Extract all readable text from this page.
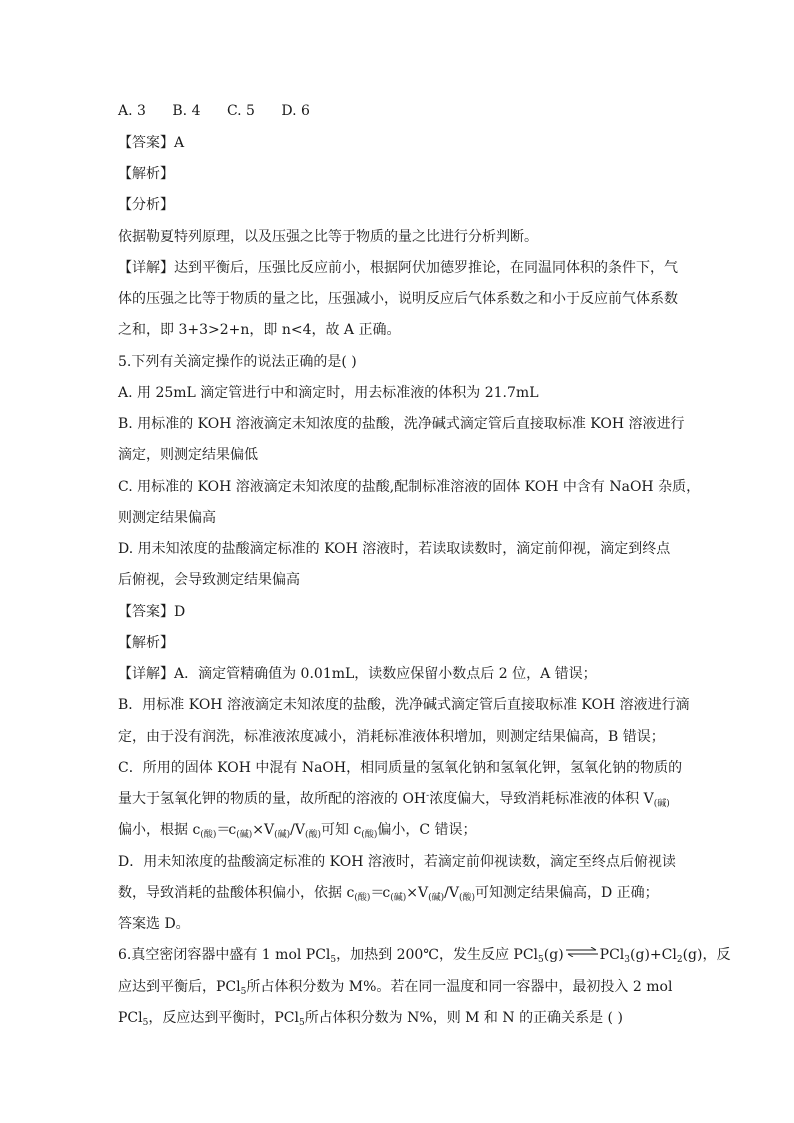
A. 3 B. 4 C. 5 D. 6
【答案】A
【解析】
【分析】
依据勒夏特列原理，以及压强之比等于物质的量之比进行分析判断。
【详解】达到平衡后，压强比反应前小，根据阿伏加德罗推论，在同温同体积的条件下，气
体的压强之比等于物质的量之比，压强减小，说明反应后气体系数之和小于反应前气体系数
之和，即 3+3>2+n，即 n<4，故 A 正确。
5.下列有关滴定操作的说法正确的是( )
A. 用 25mL 滴定管进行中和滴定时，用去标准液的体积为 21.7mL
B. 用标准的 KOH 溶液滴定未知浓度的盐酸，洗净碱式滴定管后直接取标准 KOH 溶液进行
滴定，则测定结果偏低
C. 用标准的 KOH 溶液滴定未知浓度的盐酸,配制标准溶液的固体 KOH 中含有 NaOH 杂质，
则测定结果偏高
D. 用未知浓度的盐酸滴定标准的 KOH 溶液时，若读取读数时，滴定前仰视，滴定到终点
后俯视，会导致测定结果偏高
【答案】D
【解析】
【详解】A．滴定管精确值为 0.01mL，读数应保留小数点后 2 位，A 错误；
B．用标准 KOH 溶液滴定未知浓度的盐酸，洗净碱式滴定管后直接取标准 KOH 溶液进行滴
定，由于没有润洗，标准液浓度减小，消耗标准液体积增加，则测定结果偏高，B 错误；
C．所用的固体 KOH 中混有 NaOH，相同质量的氢氧化钠和氢氧化钾，氢氧化钠的物质的
量大于氢氧化钾的物质的量，故所配的溶液的 OH-浓度偏大，导致消耗标准液的体积 $V_{(碱)}$
偏小，根据 $c_{(酸)}=c_{(碱)}\times V_{(碱)}/V_{(酸)}$可知 $c_{(酸)}$偏小，C 错误；
D．用未知浓度的盐酸滴定标准的 KOH 溶液时，若滴定前仰视读数，滴定至终点后俯视读
数，导致消耗的盐酸体积偏小，依据 $c_{(酸)}=c_{(碱)}\times V_{(碱)}/V_{(酸)}$可知测定结果偏高，D 正确；
答案选 D。
6.真空密闭容器中盛有 1 mol PCl$_5$，加热到 200℃，发生反应 $PCl_5(g)\rightleftharpoons PCl_3(g)+Cl_2(g)$，反
应达到平衡后，PCl$_5$所占体积分数为 M%。若在同一温度和同一容器中，最初投入 2 mol
PCl$_5$，反应达到平衡时，PCl$_5$所占体积分数为 N%，则 M 和 N 的正确关系是 ( )
